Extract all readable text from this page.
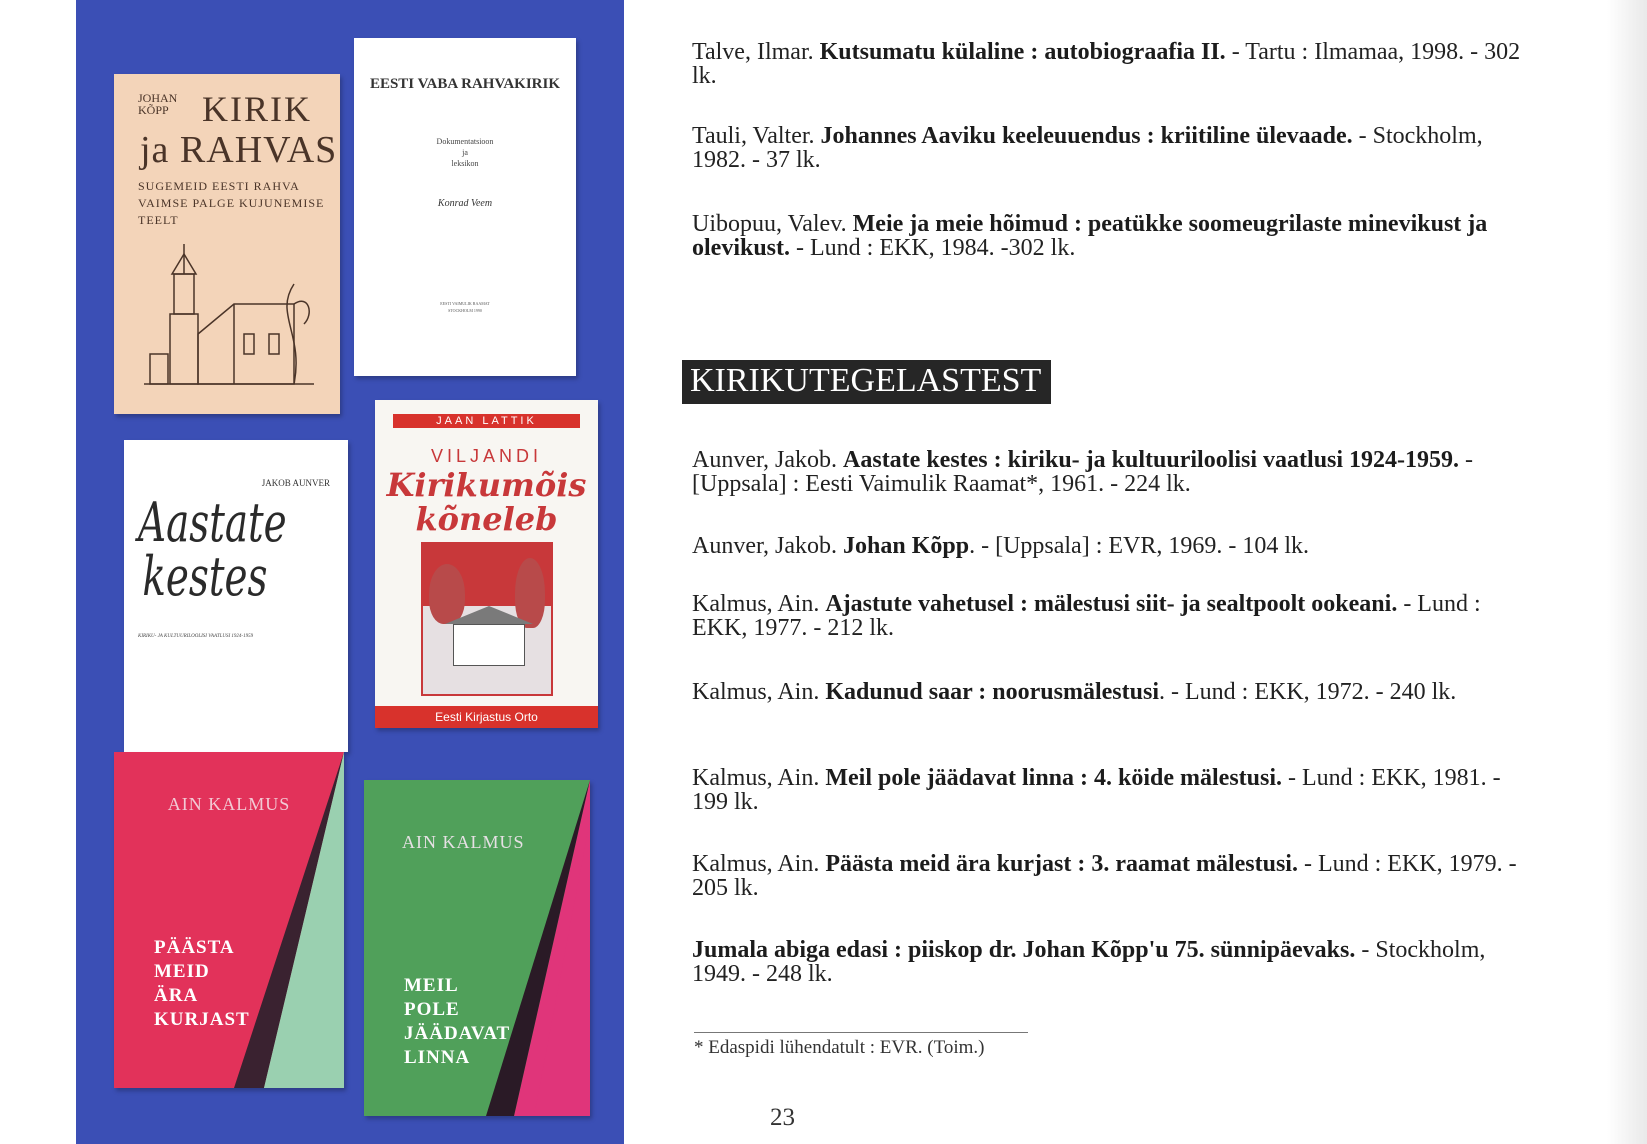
JOHAN
KÕPP KIRIK
ja RAHVAS
SUGEMEID EESTI RAHVA VAIMSE PALGE KUJUNEMISE TEELT
EESTI VABA RAHVAKIRIK
Dokumentatsioon
ja
leksikon
Konrad Veem
EESTI VAIMULIK RAAMAT
STOCKHOLM 1990
JAKOB AUNVER
Aastate
kestes
KIRIKU- JA KULTUURILOOLISI VAATLUSI 1924-1959
JAAN LATTIK
VILJANDI
Kirikumõis
kõneleb
Eesti Kirjastus Orto
AIN KALMUS
PÄÄSTA
MEID
ÄRA
KURJAST
AIN KALMUS
MEIL
POLE
JÄÄDAVAT
LINNA

Talve, Ilmar. Kutsumatu külaline : autobiograafia II. - Tartu : Ilmamaa, 1998. - 302 lk.

Tauli, Valter. Johannes Aaviku keeleuuendus : kriitiline ülevaade. - Stockholm, 1982. - 37 lk.

Uibopuu, Valev. Meie ja meie hõimud : peatükke soomeugrilaste minevikust ja olevikust. - Lund : EKK, 1984. -302 lk.

Aunver, Jakob. Aastate kestes : kiriku- ja kultuuriloolisi vaatlusi 1924-1959. - [Uppsala] : Eesti Vaimulik Raamat*, 1961. - 224 lk.

Aunver, Jakob. Johan Kõpp. - [Uppsala] : EVR, 1969. - 104 lk.

Kalmus, Ain. Ajastute vahetusel : mälestusi siit- ja sealtpoolt ookeani. - Lund : EKK, 1977. - 212 lk.

Kalmus, Ain. Kadunud saar : noorusmälestusi. - Lund : EKK, 1972. - 240 lk.

Kalmus, Ain. Meil pole jäädavat linna : 4. köide mälestusi. - Lund : EKK, 1981. - 199 lk.

Kalmus, Ain. Päästa meid ära kurjast : 3. raamat mälestusi. - Lund : EKK, 1979. - 205 lk.

Jumala abiga edasi : piiskop dr. Johan Kõpp'u 75. sünnipäevaks. - Stockholm, 1949. - 248 lk.

KIRIKUTEGELASTEST
* Edaspidi lühendatult : EVR. (Toim.)
23
